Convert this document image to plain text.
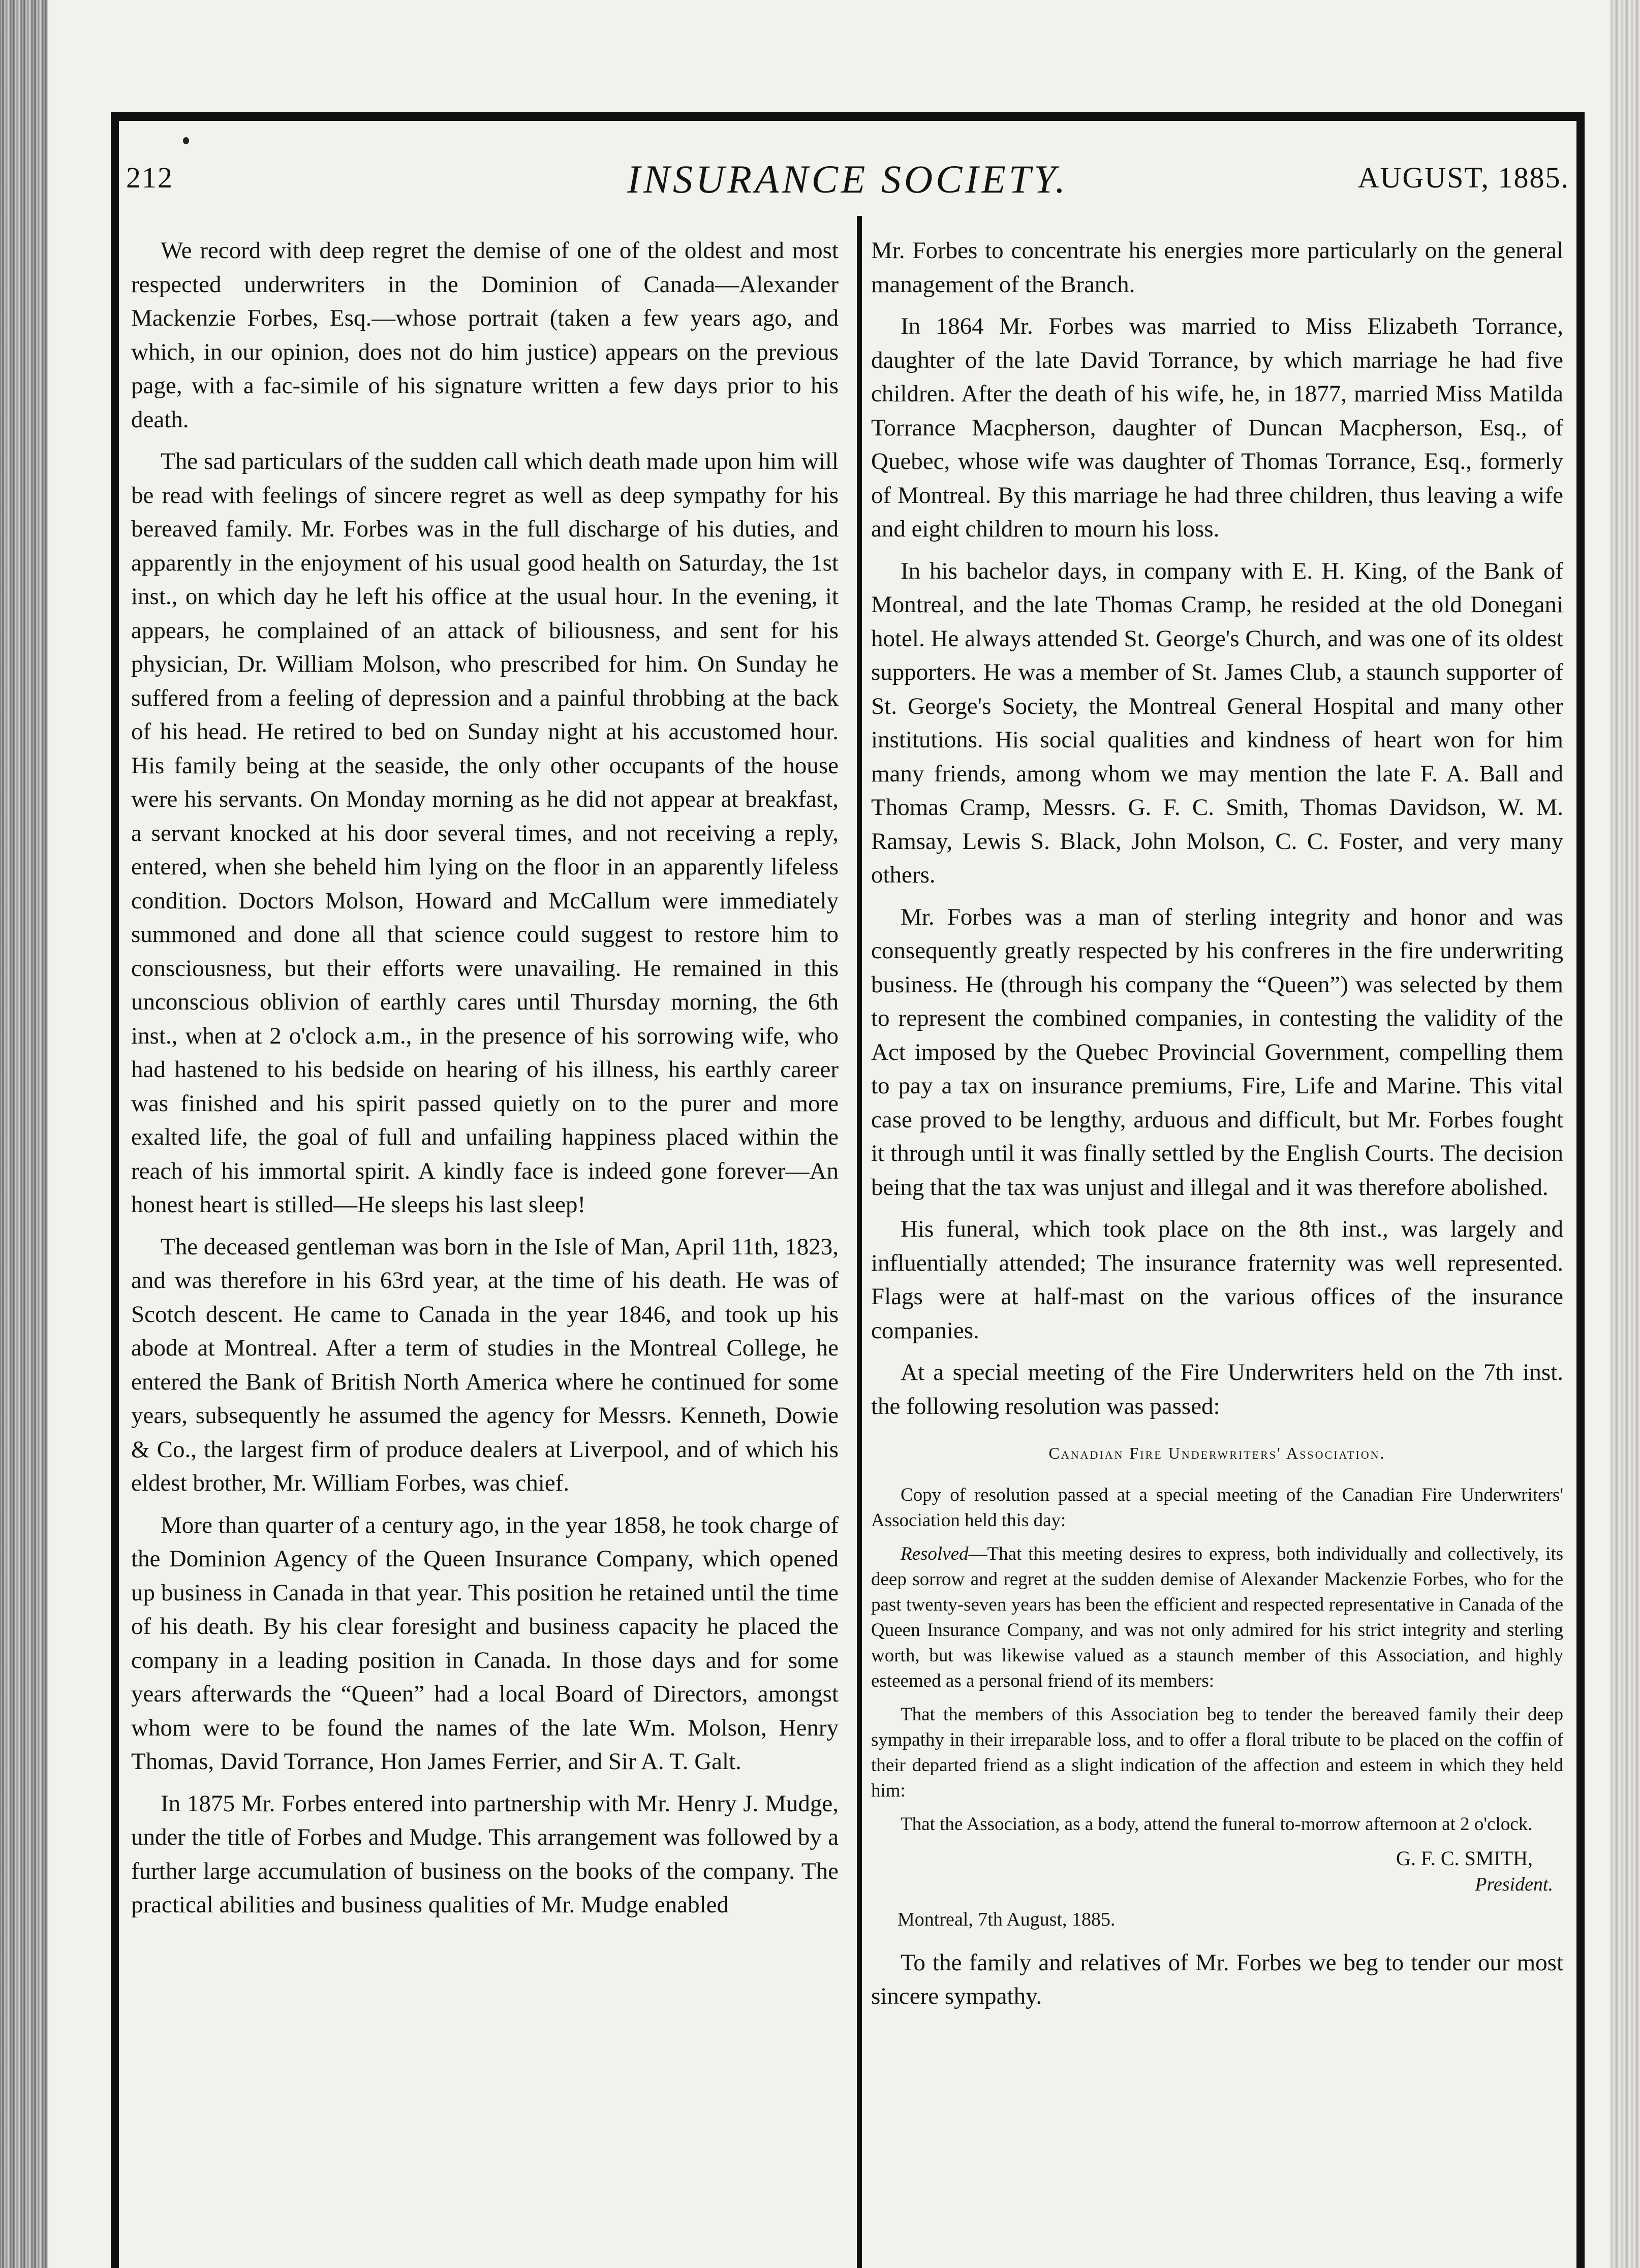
212	INSURANCE SOCIETY.	AUGUST, 1885.

We record with deep regret the demise of one of the oldest and most respected underwriters in the Dominion of Canada—Alexander Mackenzie Forbes, Esq.—whose portrait (taken a few years ago, and which, in our opinion, does not do him justice) appears on the previous page, with a fac-simile of his signature written a few days prior to his death.

The sad particulars of the sudden call which death made upon him will be read with feelings of sincere regret as well as deep sympathy for his bereaved family. Mr. Forbes was in the full discharge of his duties, and apparently in the enjoyment of his usual good health on Saturday, the 1st inst., on which day he left his office at the usual hour. In the evening, it appears, he complained of an attack of biliousness, and sent for his physician, Dr. William Molson, who prescribed for him. On Sunday he suffered from a feeling of depression and a painful throbbing at the back of his head. He retired to bed on Sunday night at his accustomed hour. His family being at the seaside, the only other occupants of the house were his servants. On Monday morning as he did not appear at breakfast, a servant knocked at his door several times, and not receiving a reply, entered, when she beheld him lying on the floor in an apparently lifeless condition. Doctors Molson, Howard and McCallum were immediately summoned and done all that science could suggest to restore him to consciousness, but their efforts were unavailing. He remained in this unconscious oblivion of earthly cares until Thursday morning, the 6th inst., when at 2 o'clock a.m., in the presence of his sorrowing wife, who had hastened to his bedside on hearing of his illness, his earthly career was finished and his spirit passed quietly on to the purer and more exalted life, the goal of full and unfailing happiness placed within the reach of his immortal spirit. A kindly face is indeed gone forever—An honest heart is stilled—He sleeps his last sleep!

The deceased gentleman was born in the Isle of Man, April 11th, 1823, and was therefore in his 63rd year, at the time of his death. He was of Scotch descent. He came to Canada in the year 1846, and took up his abode at Montreal. After a term of studies in the Montreal College, he entered the Bank of British North America where he continued for some years, subsequently he assumed the agency for Messrs. Kenneth, Dowie & Co., the largest firm of produce dealers at Liverpool, and of which his eldest brother, Mr. William Forbes, was chief.

More than quarter of a century ago, in the year 1858, he took charge of the Dominion Agency of the Queen Insurance Company, which opened up business in Canada in that year. This position he retained until the time of his death. By his clear foresight and business capacity he placed the company in a leading position in Canada. In those days and for some years afterwards the “Queen” had a local Board of Directors, amongst whom were to be found the names of the late Wm. Molson, Henry Thomas, David Torrance, Hon James Ferrier, and Sir A. T. Galt.

In 1875 Mr. Forbes entered into partnership with Mr. Henry J. Mudge, under the title of Forbes and Mudge. This arrangement was followed by a further large accumulation of business on the books of the company. The practical abilities and business qualities of Mr. Mudge enabled

Mr. Forbes to concentrate his energies more particularly on the general management of the Branch.

In 1864 Mr. Forbes was married to Miss Elizabeth Torrance, daughter of the late David Torrance, by which marriage he had five children. After the death of his wife, he, in 1877, married Miss Matilda Torrance Macpherson, daughter of Duncan Macpherson, Esq., of Quebec, whose wife was daughter of Thomas Torrance, Esq., formerly of Montreal. By this marriage he had three children, thus leaving a wife and eight children to mourn his loss.

In his bachelor days, in company with E. H. King, of the Bank of Montreal, and the late Thomas Cramp, he resided at the old Donegani hotel. He always attended St. George's Church, and was one of its oldest supporters. He was a member of St. James Club, a staunch supporter of St. George's Society, the Montreal General Hospital and many other institutions. His social qualities and kindness of heart won for him many friends, among whom we may mention the late F. A. Ball and Thomas Cramp, Messrs. G. F. C. Smith, Thomas Davidson, W. M. Ramsay, Lewis S. Black, John Molson, C. C. Foster, and very many others.

Mr. Forbes was a man of sterling integrity and honor and was consequently greatly respected by his confreres in the fire underwriting business. He (through his company the “Queen”) was selected by them to represent the combined companies, in contesting the validity of the Act imposed by the Quebec Provincial Government, compelling them to pay a tax on insurance premiums, Fire, Life and Marine. This vital case proved to be lengthy, arduous and difficult, but Mr. Forbes fought it through until it was finally settled by the English Courts. The decision being that the tax was unjust and illegal and it was therefore abolished.

His funeral, which took place on the 8th inst., was largely and influentially attended; The insurance fraternity was well represented. Flags were at half-mast on the various offices of the insurance companies.

At a special meeting of the Fire Underwriters held on the 7th inst. the following resolution was passed:

Canadian Fire Underwriters' Association.

Copy of resolution passed at a special meeting of the Canadian Fire Underwriters' Association held this day:

Resolved—That this meeting desires to express, both individually and collectively, its deep sorrow and regret at the sudden demise of Alexander Mackenzie Forbes, who for the past twenty-seven years has been the efficient and respected representative in Canada of the Queen Insurance Company, and was not only admired for his strict integrity and sterling worth, but was likewise valued as a staunch member of this Association, and highly esteemed as a personal friend of its members:

That the members of this Association beg to tender the bereaved family their deep sympathy in their irreparable loss, and to offer a floral tribute to be placed on the coffin of their departed friend as a slight indication of the affection and esteem in which they held him:

That the Association, as a body, attend the funeral to-morrow afternoon at 2 o'clock.

G. F. C. SMITH,
President.
Montreal, 7th August, 1885.

To the family and relatives of Mr. Forbes we beg to tender our most sincere sympathy.
